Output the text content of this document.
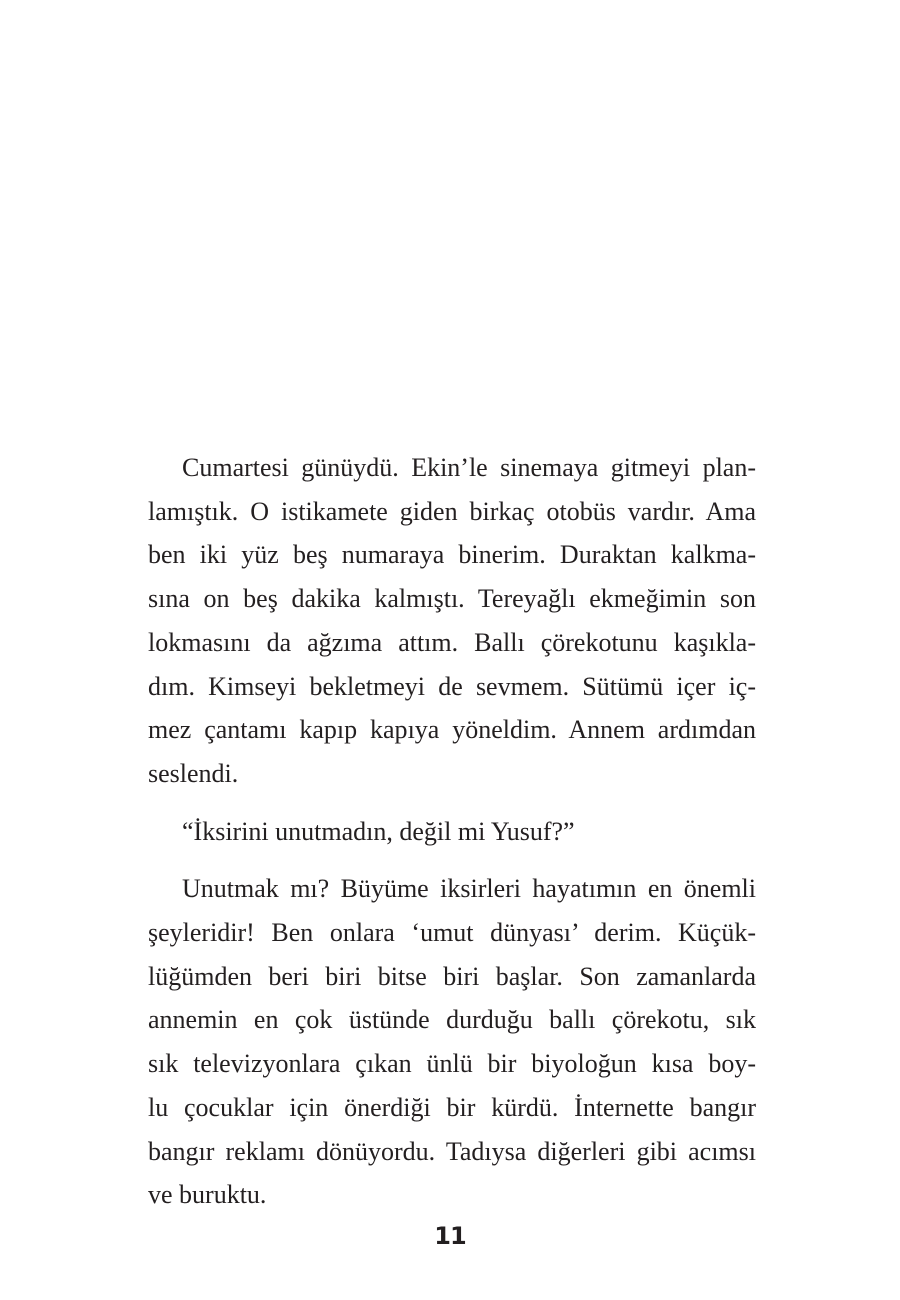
Cumartesi günüydü. Ekin’le sinemaya gitmeyi plan-
lamıştık. O istikamete giden birkaç otobüs vardır. Ama
ben iki yüz beş numaraya binerim. Duraktan kalkma-
sına on beş dakika kalmıştı. Tereyağlı ekmeğimin son
lokmasını da ağzıma attım. Ballı çörekotunu kaşıkla-
dım. Kimseyi bekletmeyi de sevmem. Sütümü içer iç-
mez çantamı kapıp kapıya yöneldim. Annem ardımdan
seslendi.
“İksirini unutmadın, değil mi Yusuf?”
Unutmak mı? Büyüme iksirleri hayatımın en önemli
şeyleridir! Ben onlara ‘umut dünyası’ derim. Küçük-
lüğümden beri biri bitse biri başlar. Son zamanlarda
annemin en çok üstünde durduğu ballı çörekotu, sık
sık televizyonlara çıkan ünlü bir biyoloğun kısa boy-
lu çocuklar için önerdiği bir kürdü. İnternette bangır
bangır reklamı dönüyordu. Tadıysa diğerleri gibi acımsı
ve buruktu.
11
